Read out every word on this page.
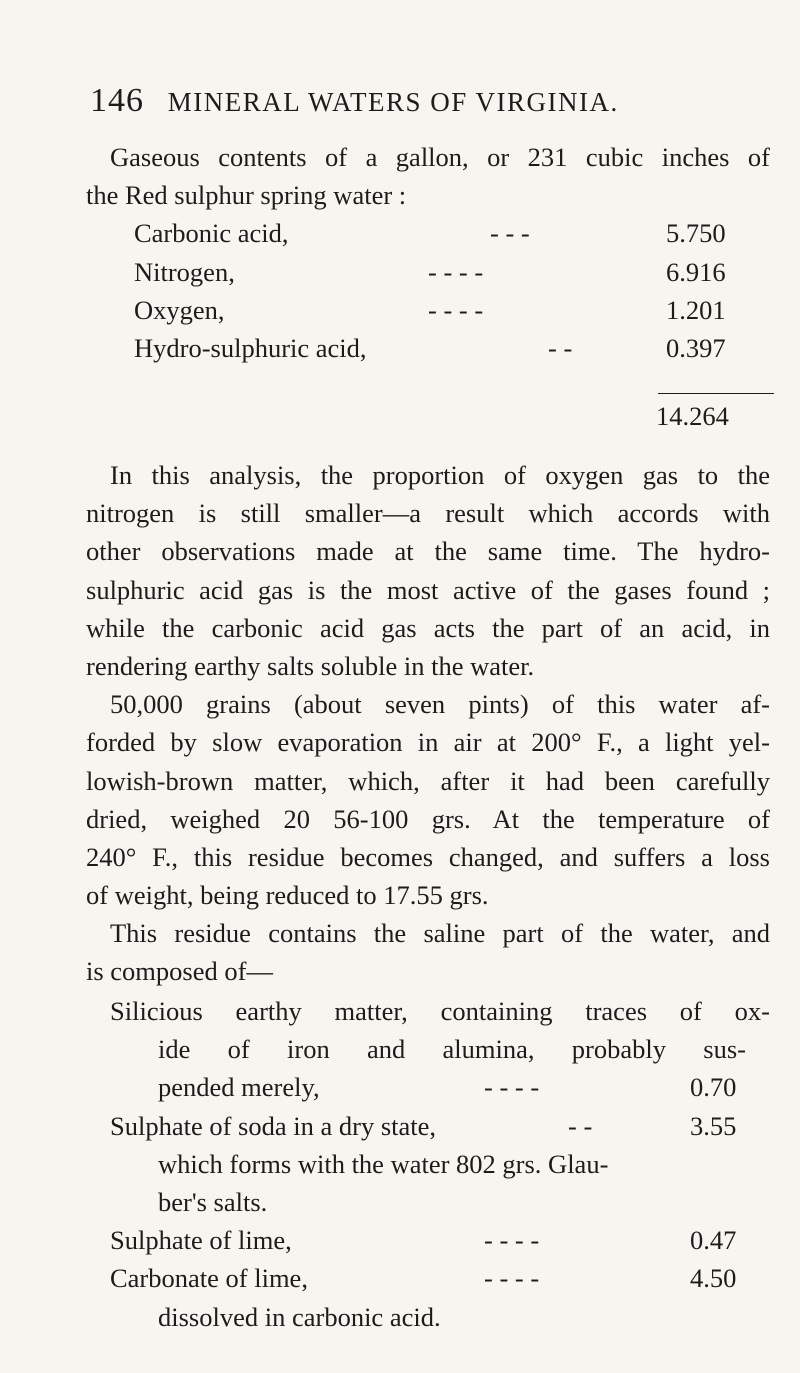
146 MINERAL WATERS OF VIRGINIA.
Gaseous contents of a gallon, or 231 cubic inches of
the Red sulphur spring water :
Carbonic acid,	- - -	5.750
Nitrogen,	- - - -	6.916
Oxygen,	- - - -	1.201
Hydro-sulphuric acid,	- -	0.397
14.264
In this analysis, the proportion of oxygen gas to the
nitrogen is still smaller—a result which accords with
other observations made at the same time. The hydro-
sulphuric acid gas is the most active of the gases found ;
while the carbonic acid gas acts the part of an acid, in
rendering earthy salts soluble in the water.
50,000 grains (about seven pints) of this water af-
forded by slow evaporation in air at 200° F., a light yel-
lowish-brown matter, which, after it had been carefully
dried, weighed 20 56-100 grs. At the temperature of
240° F., this residue becomes changed, and suffers a loss
of weight, being reduced to 17.55 grs.
This residue contains the saline part of the water, and
is composed of—
Silicious earthy matter, containing traces of ox-
ide of iron and alumina, probably sus-
pended merely,	- - - -	0.70
Sulphate of soda in a dry state,	- -	3.55
which forms with the water 802 grs. Glau-
ber's salts.
Sulphate of lime,	- - - -	0.47
Carbonate of lime,	- - - -	4.50
dissolved in carbonic acid.
